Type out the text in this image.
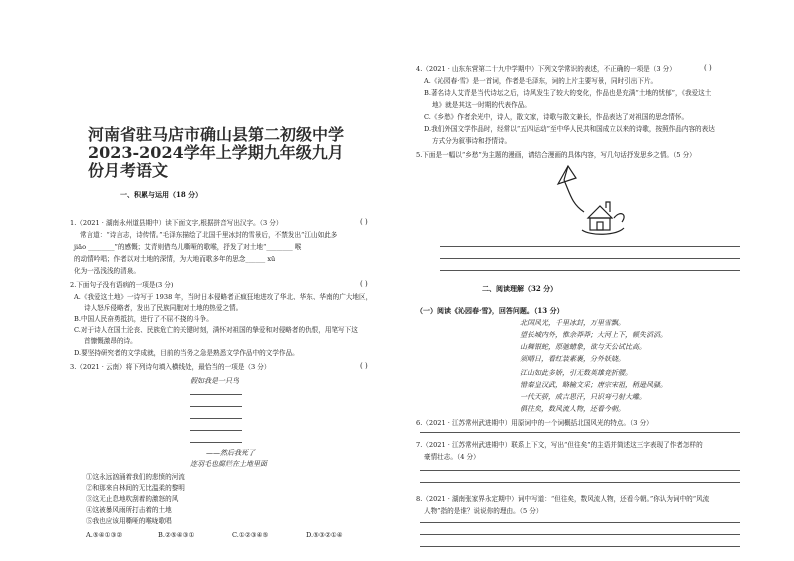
河南省驻马店市确山县第二初级中学2023-2024学年上学期九年级九月份月考语文
一、积累与运用（18 分）
1.（2021 · 湖南永州道县期中）读下面文字,根据拼音写出汉字。（3 分）	( )
常言道：“诗言志，诗传情。”毛泽东描绘了北国千里冰封的雪景后，不禁发出“江山如此多
jiāo ________”的感慨；艾青则借鸟儿嘶哑的歌喉，抒发了对土地“________ 喉
的动情吟唱；作者以对土地的深情，为大地而歌多年的思念______ xū
化为一泓浅浅的清泉。
2.下面句子没有语病的一项是(3 分)	( )
A.《我爱这土地》一诗写于 1938 年，当时日本侵略者正疯狂地进攻了华北、华东、华南的广大地区，
诗人怒斥侵略者，发出了民族同胞对土地的热爱之情。
B.中国人民奋勇抵抗，进行了不屈不挠的斗争。
C.对于诗人在国土沦丧、民族危亡的关键时刻，满怀对祖国的挚爱和对侵略者的仇恨，用笔写下这
首慷慨激昂的诗。
D.要坚持研究者的文学成就，目前的当务之急是熟悉文学作品中的文学作品。
3.（2021 · 云南）将下列诗句填入横线处，最恰当的一项是（3 分）	( )
假如我是一只鸟
——然后我死了
连羽毛也腐烂在土地里面
①这永远汹涌着我们的悲愤的河流
②和那来自林间的无比温柔的黎明
③这无止息地吹刮着的激怒的风
④这被暴风雨所打击着的土地
⑤我也应该用嘶哑的喉咙歌唱
A.⑤④①③②	B.②⑤④③①	C.①②③④⑤	D.⑤③②①④
4.（2021 · 山东东营第二十九中学期中）下列文学常识的表述，不正确的一项是（3 分）	( )
A.《沁园春·雪》是一首词，作者是毛泽东，词的上片主要写景，同时引出下片。
B.著名诗人艾青是当代诗坛之后，诗风发生了较大的变化，作品也是充满“土地的忧郁”，《我爱这土
地》就是其这一时期的代表作品。
C.《乡愁》作者余光中，诗人，散文家，诗歌与散文兼长，作品表达了对祖国的思念情怀。
D.我们外国文学作品时，经常以“五四运动”至中华人民共和国成立以来的诗歌，按照作品内容的表达
方式分为叙事诗和抒情诗。
5.下面是一幅以“乡愁”为主题的漫画，请结合漫画的具体内容，写几句话抒发思乡之情。（5 分）
二、阅读理解（32 分）
（一）阅读《沁园春·雪》，回答问题。（13 分）
北国风光，千里冰封，万里雪飘。
望长城内外，惟余莽莽；大河上下，顿失滔滔。
山舞银蛇，原驰蜡象，欲与天公试比高。
须晴日，看红装素裹，分外妖娆。
江山如此多娇，引无数英雄竞折腰。
惜秦皇汉武，略输文采；唐宗宋祖，稍逊风骚。
一代天骄，成吉思汗，只识弯弓射大雕。
俱往矣，数风流人物，还看今朝。
6.（2021 · 江苏常州武进期中）用原词中的一个词概括北国风光的特点。（3 分）
7.（2021 · 江苏常州武进期中）联系上下文，写出“但往矣”的主语并简述这三字表现了作者怎样的
豪情壮志。（4 分）
8.（2021 · 湖南张家界永定期中）词中写道：“但往矣，数风流人物，还看今朝。”你认为词中的“风流
人物”指的是谁？说说你的理由。（5 分）
